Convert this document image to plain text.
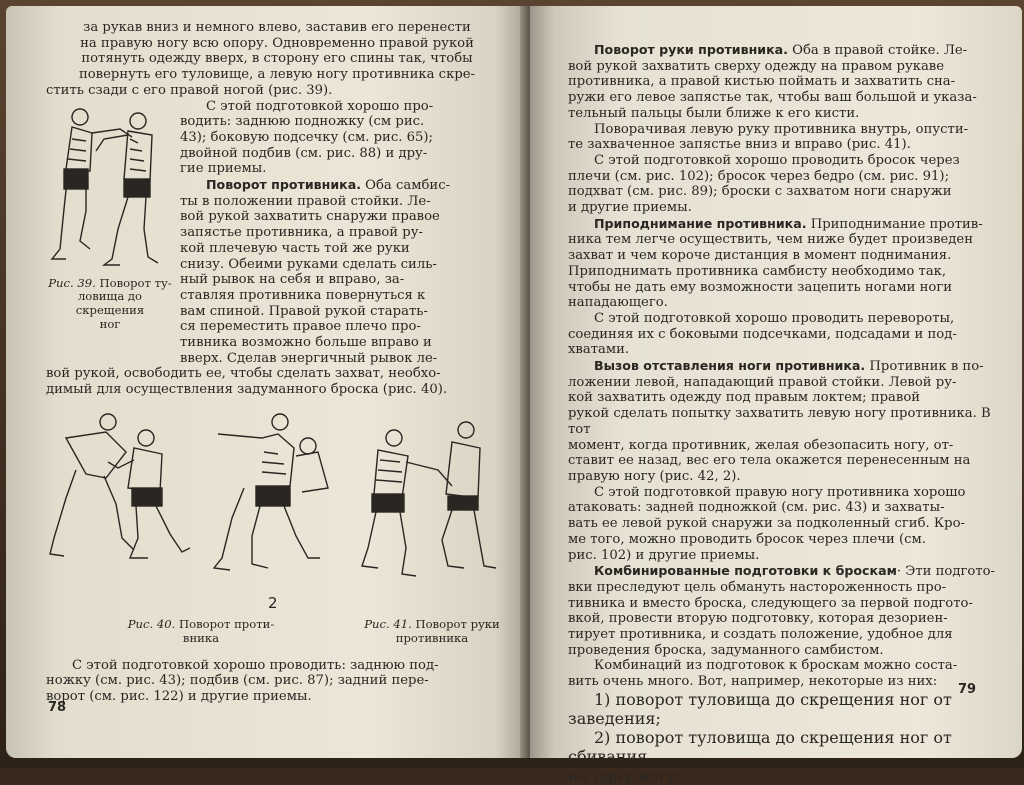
за рукав вниз и немного влево, заставив его перенести

на правую ногу всю опору. Одновременно правой рукой

потянуть одежду вверх, в сторону его спины так, чтобы

повернуть его туловище, а левую ногу противника скре-

стить сзади с его правой ногой (рис. 39).

Рис. 39. Поворот ту-
ловища до скрещения
ног

С этой подготовкой хорошо про-

водить: заднюю подножку (см рис.

43); боковую подсечку (см. рис. 65);

двойной подбив (см. рис. 88) и дру-

гие приемы.

Поворот противника. Оба самбис-

ты в положении правой стойки. Ле-

вой рукой захватить снаружи правое

запястье противника, а правой ру-

кой плечевую часть той же руки

снизу. Обеими руками сделать силь-

ный рывок на себя и вправо, за-

ставляя противника повернуться к

вам спиной. Правой рукой старать-

ся переместить правое плечо про-

тивника возможно больше вправо и

вверх. Сделав энергичный рывок ле-

вой рукой, освободить ее, чтобы сделать захват, необхо-

димый для осуществления задуманного броска (рис. 40).

2
Рис. 40. Поворот проти-
вника
Рис. 41. Поворот руки
противника

С этой подготовкой хорошо проводить: заднюю под-

ножку (см. рис. 43); подбив (см. рис. 87); задний пере-

ворот (см. рис. 122) и другие приемы.

78

Поворот руки противника. Оба в правой стойке. Ле-

вой рукой захватить сверху одежду на правом рукаве

противника, а правой кистью поймать и захватить сна-

ружи его левое запястье так, чтобы ваш большой и указа-

тельный пальцы были ближе к его кисти.

Поворачивая левую руку противника внутрь, опусти-

те захваченное запястье вниз и вправо (рис. 41).

С этой подготовкой хорошо проводить бросок через

плечи (см. рис. 102); бросок через бедро (см. рис. 91);

подхват (см. рис. 89); броски с захватом ноги снаружи

и другие приемы.

Приподнимание противника. Приподнимание против-

ника тем легче осуществить, чем ниже будет произведен

захват и чем короче дистанция в момент поднимания.

Приподнимать противника самбисту необходимо так,

чтобы не дать ему возможности зацепить ногами ноги

нападающего.

С этой подготовкой хорошо проводить перевороты,

соединяя их с боковыми подсечками, подсадами и под-

хватами.

Вызов отставления ноги противника. Противник в по-

ложении левой, нападающий правой стойки. Левой ру-

кой захватить одежду под правым локтем; правой

рукой сделать попытку захватить левую ногу противника. В тот

момент, когда противник, желая обезопасить ногу, от-

ставит ее назад, вес его тела окажется перенесенным на

правую ногу (рис. 42, 2).

С этой подготовкой правую ногу противника хорошо

атаковать: задней подножкой (см. рис. 43) и захваты-

вать ее левой рукой снаружи за подколенный сгиб. Кро-

ме того, можно проводить бросок через плечи (см.

рис. 102) и другие приемы.

Комбинированные подготовки к броскам· Эти подгото-

вки преследуют цель обмануть настороженность про-

тивника и вместо броска, следующего за первой подгото-

вкой, провести вторую подготовку, которая дезориен-

тирует противника, и создать положение, удобное для

проведения броска, задуманного самбистом.

Комбинаций из подготовок к броскам можно соста-

вить очень много. Вот, например, некоторые из них:

1) поворот туловища до скрещения ног от заведения;
2) поворот туловища до скрещения ног от сбивания
на одну ногу;
79
